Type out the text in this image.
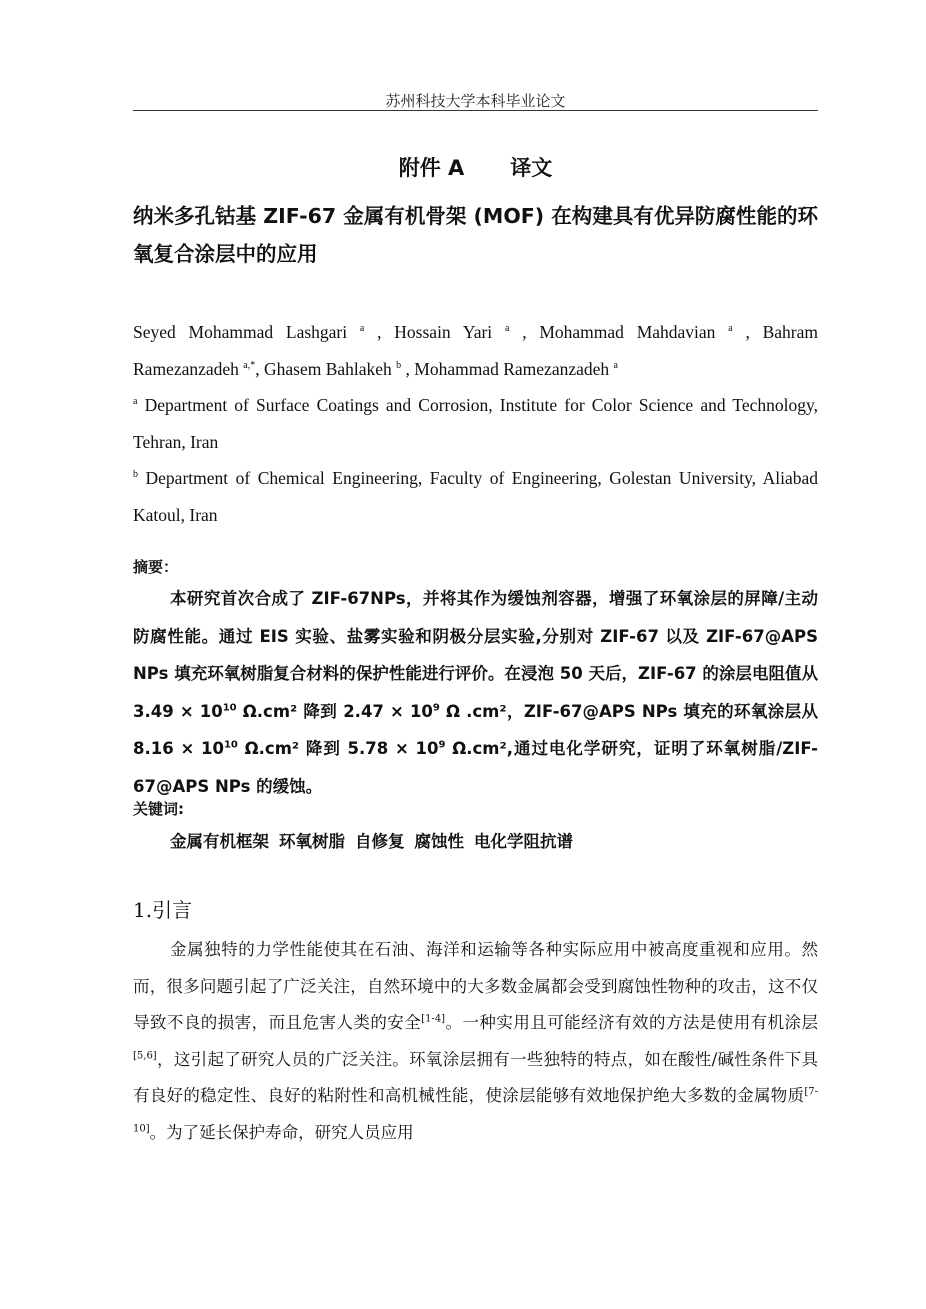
苏州科技大学本科毕业论文
附件 A 译文
纳米多孔钴基 ZIF-67 金属有机骨架 (MOF) 在构建具有优异防腐性能的环氧复合涂层中的应用
Seyed Mohammad Lashgari $^a$ , Hossain Yari $^a$ , Mohammad Mahdavian $^a$ , Bahram Ramezanzadeh $^{a,*}$, Ghasem Bahlakeh $^b$ , Mohammad Ramezanzadeh $^a$
$^a$ Department of Surface Coatings and Corrosion, Institute for Color Science and Technology, Tehran, Iran
$^b$ Department of Chemical Engineering, Faculty of Engineering, Golestan University, Aliabad Katoul, Iran
摘要：

本研究首次合成了 ZIF-67NPs，并将其作为缓蚀剂容器，增强了环氧涂层的屏障/主动防腐性能。通过 EIS 实验、盐雾实验和阴极分层实验,分别对 ZIF-67 以及 ZIF-67@APS NPs 填充环氧树脂复合材料的保护性能进行评价。在浸泡 50 天后，ZIF-67 的涂层电阻值从 $3.49 \times 10^{10}$ Ω.cm² 降到 $2.47 \times 10^9$ Ω .cm²，ZIF-67@APS NPs 填充的环氧涂层从 $8.16 \times 10^{10}$ Ω.cm² 降到 $5.78 \times 10^9$ Ω.cm²,通过电化学研究，证明了环氧树脂/ZIF-67@APS NPs 的缓蚀。

关键词:
金属有机框架 环氧树脂 自修复 腐蚀性 电化学阻抗谱
1.引言

金属独特的力学性能使其在石油、海洋和运输等各种实际应用中被高度重视和应用。然而，很多问题引起了广泛关注，自然环境中的大多数金属都会受到腐蚀性物种的攻击，这不仅导致不良的损害，而且危害人类的安全[1-4]。一种实用且可能经济有效的方法是使用有机涂层[5,6]，这引起了研究人员的广泛关注。环氧涂层拥有一些独特的特点，如在酸性/碱性条件下具有良好的稳定性、良好的粘附性和高机械性能，使涂层能够有效地保护绝大多数的金属物质[7-10]。为了延长保护寿命，研究人员应用
